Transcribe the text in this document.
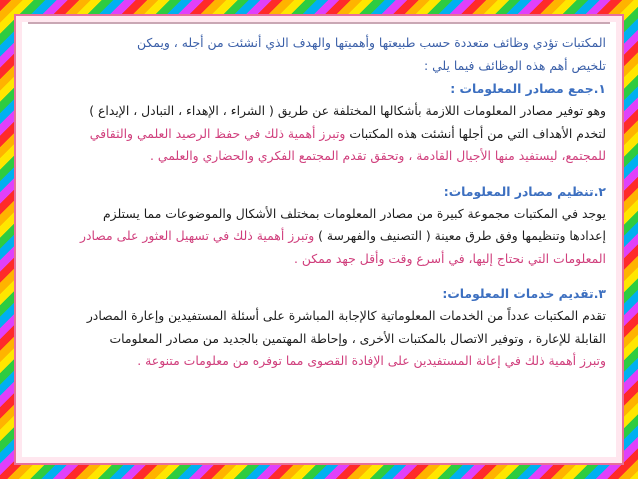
المكتبات تؤدي وظائف متعددة حسب طبيعتها وأهميتها والهدف الذي أنشئت من أجله ، ويمكن

تلخيص أهم هذه الوظائف فيما يلي :

١.جمع مصادر المعلومات :

وهو توفير مصادر المعلومات اللازمة بأشكالها المختلفة عن طريق ( الشراء ، الإهداء ، التبادل ، الإيداع )

لتخدم الأهداف التي من أجلها أنشئت هذه المكتبات وتبرز أهمية ذلك في حفظ الرصيد العلمي والثقافي

للمجتمع، ليستفيد منها الأجيال القادمة ، وتحقق تقدم المجتمع الفكري والحضاري والعلمي .

٢.تنظيم مصادر المعلومات:

يوجد في المكتبات مجموعة كبيرة من مصادر المعلومات بمختلف الأشكال والموضوعات مما يستلزم

إعدادها وتنظيمها وفق طرق معينة ( التصنيف والفهرسة ) وتبرز أهمية ذلك في تسهيل العثور على مصادر

المعلومات التي نحتاج إليها، في أسرع وقت وأقل جهد ممكن .

٣.تقديم خدمات المعلومات:

تقدم المكتبات عدداً من الخدمات المعلوماتية كالإجابة المباشرة على أسئلة المستفيدين وإعارة المصادر

القابلة للإعارة ، وتوفير الاتصال بالمكتبات الأخرى ، وإحاطة المهتمين بالجديد من مصادر المعلومات

وتبرز أهمية ذلك في إعانة المستفيدين على الإفادة القصوى مما توفره من معلومات متنوعة .
